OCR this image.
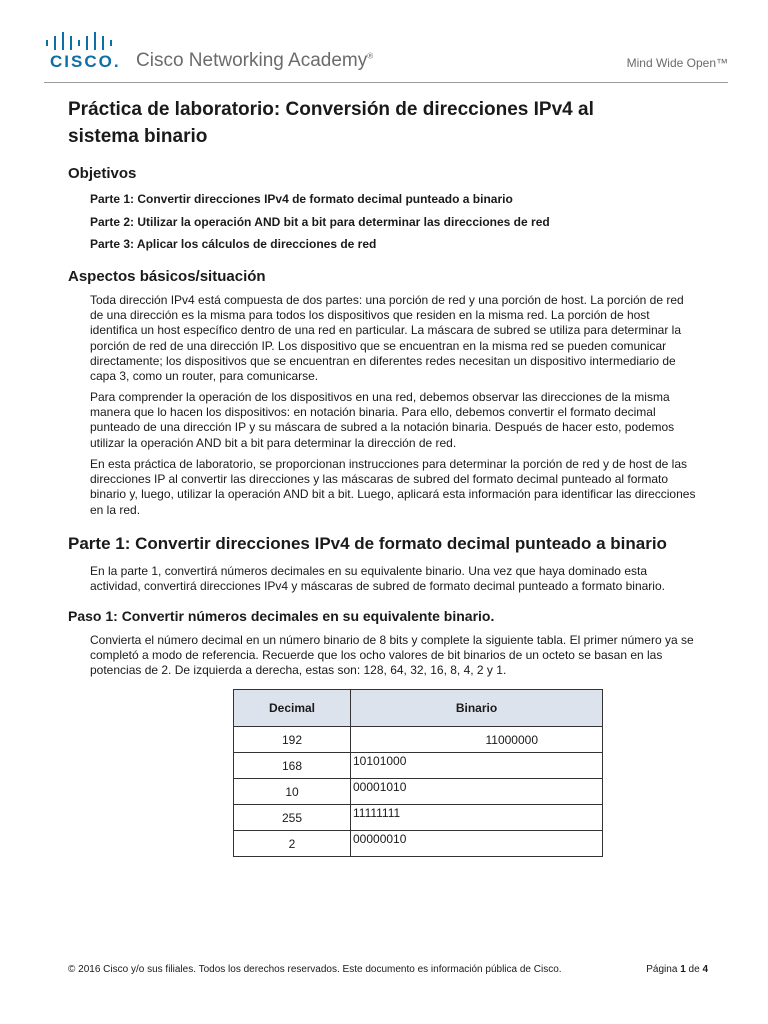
CISCO. Cisco Networking Academy®	Mind Wide Open™
Práctica de laboratorio: Conversión de direcciones IPv4 al
sistema binario
Objetivos
Parte 1: Convertir direcciones IPv4 de formato decimal punteado a binario
Parte 2: Utilizar la operación AND bit a bit para determinar las direcciones de red
Parte 3: Aplicar los cálculos de direcciones de red
Aspectos básicos/situación

Toda dirección IPv4 está compuesta de dos partes: una porción de red y una porción de host. La porción de red de una dirección es la misma para todos los dispositivos que residen en la misma red. La porción de host identifica un host específico dentro de una red en particular. La máscara de subred se utiliza para determinar la porción de red de una dirección IP. Los dispositivo que se encuentran en la misma red se pueden comunicar directamente; los dispositivos que se encuentran en diferentes redes necesitan un dispositivo intermediario de capa 3, como un router, para comunicarse.

Para comprender la operación de los dispositivos en una red, debemos observar las direcciones de la misma manera que lo hacen los dispositivos: en notación binaria. Para ello, debemos convertir el formato decimal punteado de una dirección IP y su máscara de subred a la notación binaria. Después de hacer esto, podemos utilizar la operación AND bit a bit para determinar la dirección de red.

En esta práctica de laboratorio, se proporcionan instrucciones para determinar la porción de red y de host de las direcciones IP al convertir las direcciones y las máscaras de subred del formato decimal punteado al formato binario y, luego, utilizar la operación AND bit a bit. Luego, aplicará esta información para identificar las direcciones en la red.

Parte 1: Convertir direcciones IPv4 de formato decimal punteado a binario

En la parte 1, convertirá números decimales en su equivalente binario. Una vez que haya dominado esta actividad, convertirá direcciones IPv4 y máscaras de subred de formato decimal punteado a formato binario.

Paso 1: Convertir números decimales en su equivalente binario.

Convierta el número decimal en un número binario de 8 bits y complete la siguiente tabla. El primer número ya se completó a modo de referencia. Recuerde que los ocho valores de bit binarios de un octeto se basan en las potencias de 2. De izquierda a derecha, estas son: 128, 64, 32, 16, 8, 4, 2 y 1.

Decimal	Binario
192	11000000
168	10101000
10	00001010
255	11111111
2	00000010
© 2016 Cisco y/o sus filiales. Todos los derechos reservados. Este documento es información pública de Cisco.	Página 1 de 4
